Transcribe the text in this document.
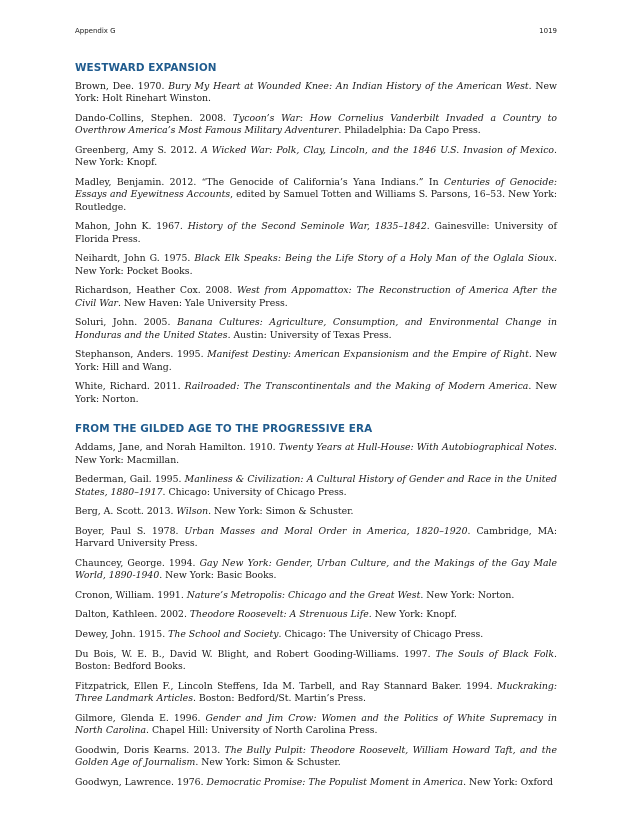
Appendix G	1019
WESTWARD EXPANSION

Brown, Dee. 1970. Bury My Heart at Wounded Knee: An Indian History of the American West. New York: Holt Rinehart Winston.

Dando-Collins, Stephen. 2008. Tycoon’s War: How Cornelius Vanderbilt Invaded a Country to Overthrow America’s Most Famous Military Adventurer. Philadelphia: Da Capo Press.

Greenberg, Amy S. 2012. A Wicked War: Polk, Clay, Lincoln, and the 1846 U.S. Invasion of Mexico. New York: Knopf.

Madley, Benjamin. 2012. “The Genocide of California’s Yana Indians.” In Centuries of Genocide: Essays and Eyewitness Accounts, edited by Samuel Totten and Williams S. Parsons, 16–53. New York: Routledge.

Mahon, John K. 1967. History of the Second Seminole War, 1835–1842. Gainesville: University of Florida Press.

Neihardt, John G. 1975. Black Elk Speaks: Being the Life Story of a Holy Man of the Oglala Sioux. New York: Pocket Books.

Richardson, Heather Cox. 2008. West from Appomattox: The Reconstruction of America After the Civil War. New Haven: Yale University Press.

Soluri, John. 2005. Banana Cultures: Agriculture, Consumption, and Environmental Change in Honduras and the United States. Austin: University of Texas Press.

Stephanson, Anders. 1995. Manifest Destiny: American Expansionism and the Empire of Right. New York: Hill and Wang.

White, Richard. 2011. Railroaded: The Transcontinentals and the Making of Modern America. New York: Norton.

FROM THE GILDED AGE TO THE PROGRESSIVE ERA

Addams, Jane, and Norah Hamilton. 1910. Twenty Years at Hull-House: With Autobiographical Notes. New York: Macmillan.

Bederman, Gail. 1995. Manliness & Civilization: A Cultural History of Gender and Race in the United States, 1880–1917. Chicago: University of Chicago Press.

Berg, A. Scott. 2013. Wilson. New York: Simon & Schuster.

Boyer, Paul S. 1978. Urban Masses and Moral Order in America, 1820–1920. Cambridge, MA: Harvard University Press.

Chauncey, George. 1994. Gay New York: Gender, Urban Culture, and the Makings of the Gay Male World, 1890-1940. New York: Basic Books.

Cronon, William. 1991. Nature’s Metropolis: Chicago and the Great West. New York: Norton.

Dalton, Kathleen. 2002. Theodore Roosevelt: A Strenuous Life. New York: Knopf.

Dewey, John. 1915. The School and Society. Chicago: The University of Chicago Press.

Du Bois, W. E. B., David W. Blight, and Robert Gooding-Williams. 1997. The Souls of Black Folk. Boston: Bedford Books.

Fitzpatrick, Ellen F., Lincoln Steffens, Ida M. Tarbell, and Ray Stannard Baker. 1994. Muckraking: Three Landmark Articles. Boston: Bedford/St. Martin’s Press.

Gilmore, Glenda E. 1996. Gender and Jim Crow: Women and the Politics of White Supremacy in North Carolina. Chapel Hill: University of North Carolina Press.

Goodwin, Doris Kearns. 2013. The Bully Pulpit: Theodore Roosevelt, William Howard Taft, and the Golden Age of Journalism. New York: Simon & Schuster.

Goodwyn, Lawrence. 1976. Democratic Promise: The Populist Moment in America. New York: Oxford
